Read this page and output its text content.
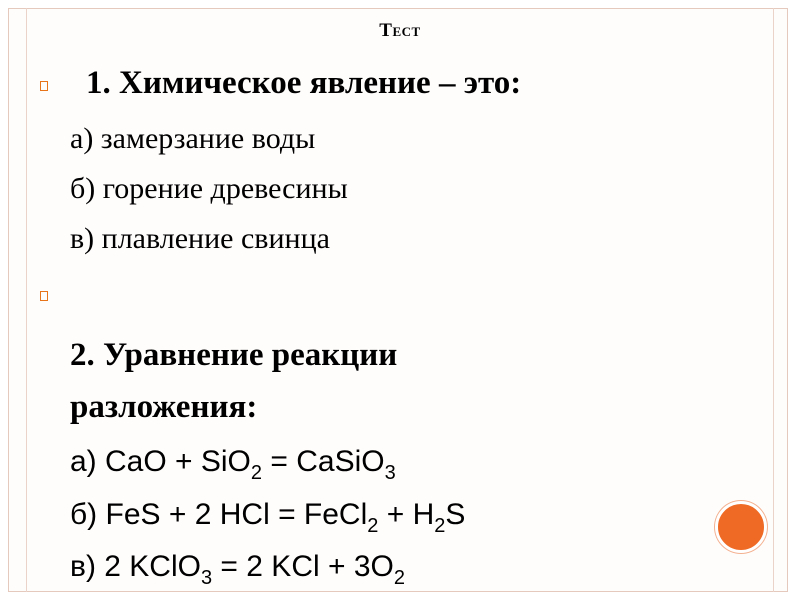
Тест
1. Химическое явление – это:
а) замерзание воды
б) горение древесины
в) плавление свинца
2. Уравнение реакции
разложения:
а) CaO + SiO$_2$ = CaSiO$_3$
б) FeS + 2 HCl = FeCl$_2$ + $H_2S$
в) 2 KClO$_3$ = 2 KCl + $3O_2$
